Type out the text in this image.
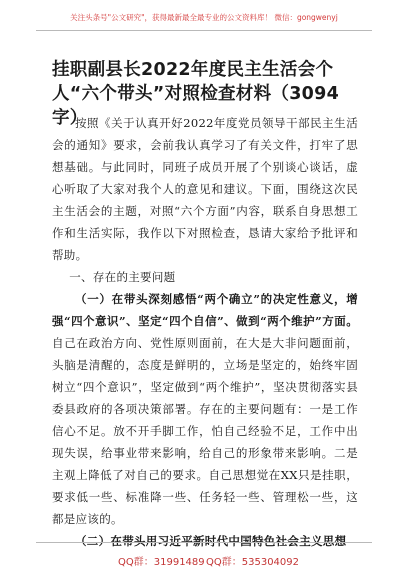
关注头条号"公文研究"，获得最新最全最专业的公文资料库！ 微信：gongwenyj
挂职副县长2022年度民主生活会个人“六个带头”对照检查材料（3094字）

按照《关于认真开好2022年度党员领导干部民主生活会的通知》要求，会前我认真学习了有关文件，打牢了思想基础。与此同时，同班子成员开展了个别谈心谈话，虚心听取了大家对我个人的意见和建议。下面，围绕这次民主生活会的主题，对照“六个方面”内容，联系自身思想工作和生活实际，我作以下对照检查，恳请大家给予批评和帮助。

一、存在的主要问题

（一）在带头深刻感悟“两个确立”的决定性意义，增强“四个意识”、坚定“四个自信”、做到“两个维护”方面。自己在政治方向、党性原则面前，在大是大非问题面前，头脑是清醒的，态度是鲜明的，立场是坚定的，始终牢固树立“四个意识”，坚定做到“两个维护”，坚决贯彻落实县委县政府的各项决策部署。存在的主要问题有：一是工作信心不足。放不开手脚工作，怕自己经验不足，工作中出现失误，给事业带来影响，给自己的形象带来影响。二是主观上降低了对自己的要求。自己思想觉在XX只是挂职，要求低一些、标准降一些、任务轻一些、管理松一些，这都是应该的。

（二）在带头用习近平新时代中国特色社会主义思想

QQ群：31991489 QQ群：535304092
